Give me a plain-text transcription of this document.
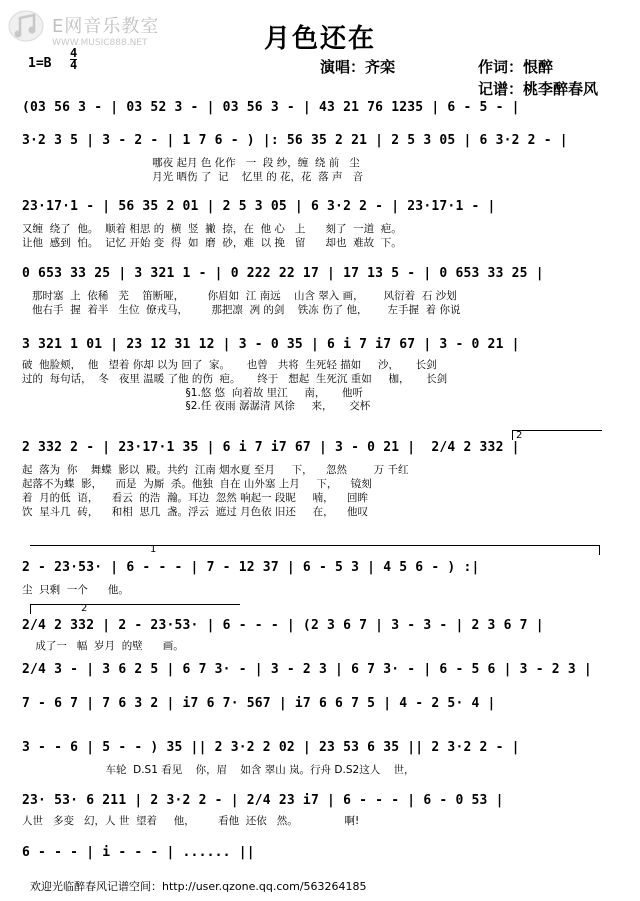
E网音乐教室
WWW.MUSIC888.NET	月色还在
演唱：齐栾	作词：恨醉
记谱：桃李醉春风
$1=B \frac{4}{4}$
(03 56 3 - | 03 52 3 - | 03 56 3 - | 43 21 76 1235 | 6 - 5 - |
3·2 3 5 | 3 - 2 - | 1 7 6 - ) |: 56 35 2 21 | 2 5 3 05 | 6 3·2 2 - |
哪夜 起月 色 化作   一  段 纱，缠  绕 前   尘
月光 晒伤 了  记    忆里 的 花，花  落 声   音
23·17·1 - | 56 35 2 01 | 2 5 3 05 | 6 3·2 2 - | 23·17·1 - |
又缠  绕了  他。  顺着 相思 的  横  竖  撇  捺，在  他 心   上      刻了  一道  疤。
让他  感到  怕。  记忆 开始 变  得  如  磨  砂，难  以 挽   留      却也  难故  下。
0 653 33 25 | 3 321 1 - | 0 222 22 17 | 17 13 5 - | 0 653 33 25 |
那时塞  上  依稀   芜    笛断哑，       你眉如  江 南远    山含 翠入 画，      风衍着  石 沙划
他右手  握  着半   生位  僚戎马，       那把凛  冽 的剑    铁冻 伤了 他，      左手握  着 你说
3 321 1 01 | 23 12 31 12 | 3 - 0 35 | 6 i 7 i7 67 | 3 - 0 21 |
破  他脸颊，  他   望着 你却 以为 回了  家。     也曾   共将  生死轻 描如     沙，     长剑
过的  每句话，  冬   夜里 温暖 了他 的伤  疤。     终于   想起  生死沉 重如     枷，     长剑
§1.悠 悠  向着故 里江     南，     他听
§2.任 夜雨 潺潺清 风徐     来，     交杯
2 332 2 - | 23·17·1 35 | 6 i 7 i7 67 | 3 - 0 21 |  2/4 2 332 |
起  落为  你    舞蝶  影以  殿。共约  江南 烟水夏 至月     下，    忽然        万 千红
起落不为蝶  影，    而是  为厮  杀。他独  自在 山外塞 上月     下，    镜刻
着  月的低  语，    看云  的浩  瀚。耳边  忽然 响起一 段昵     喃，    回眸
饮  星斗几  砖，    和相  思几  盏。浮云  遮过 月色依 旧还     在，    他叹
2
2 - 23·53· | 6 - - - | 7 - 12 37 | 6 - 5 3 | 4 5 6 - ) :|
尘  只剩  一个      他。
1
2/4 2 332 | 2 - 23·53· | 6 - - - | (2 3 6 7 | 3 - 3 - | 2 3 6 7 |
成了一   幅  岁月  的壁      画。
2
2/4 3 - | 3 6 2 5 | 6 7 3· - | 3 - 2 3 | 6 7 3· - | 6 - 5 6 | 3 - 2 3 |
7 - 6 7 | 7 6 3 2 | i7 6 7· 567 | i7 6 6 7 5 | 4 - 2 5· 4 |
3 - - 6 | 5 - - ) 35 || 2 3·2 2 02 | 23 53 6 35 || 2 3·2 2 - |
车轮  D.S1 看见    你，眉    如含 翠山 岚。行舟 D.S2这人    世，
23· 53· 6 211 | 2 3·2 2 - | 2/4 23 i7 | 6 - - - | 6 - 0 53 |
人世   多变   幻，人 世  望着     他，       看他  还依   然。              啊!
6 - - - | i - - - | ...... ||
欢迎光临醉春风记谱空间：http://user.qzone.qq.com/563264185
